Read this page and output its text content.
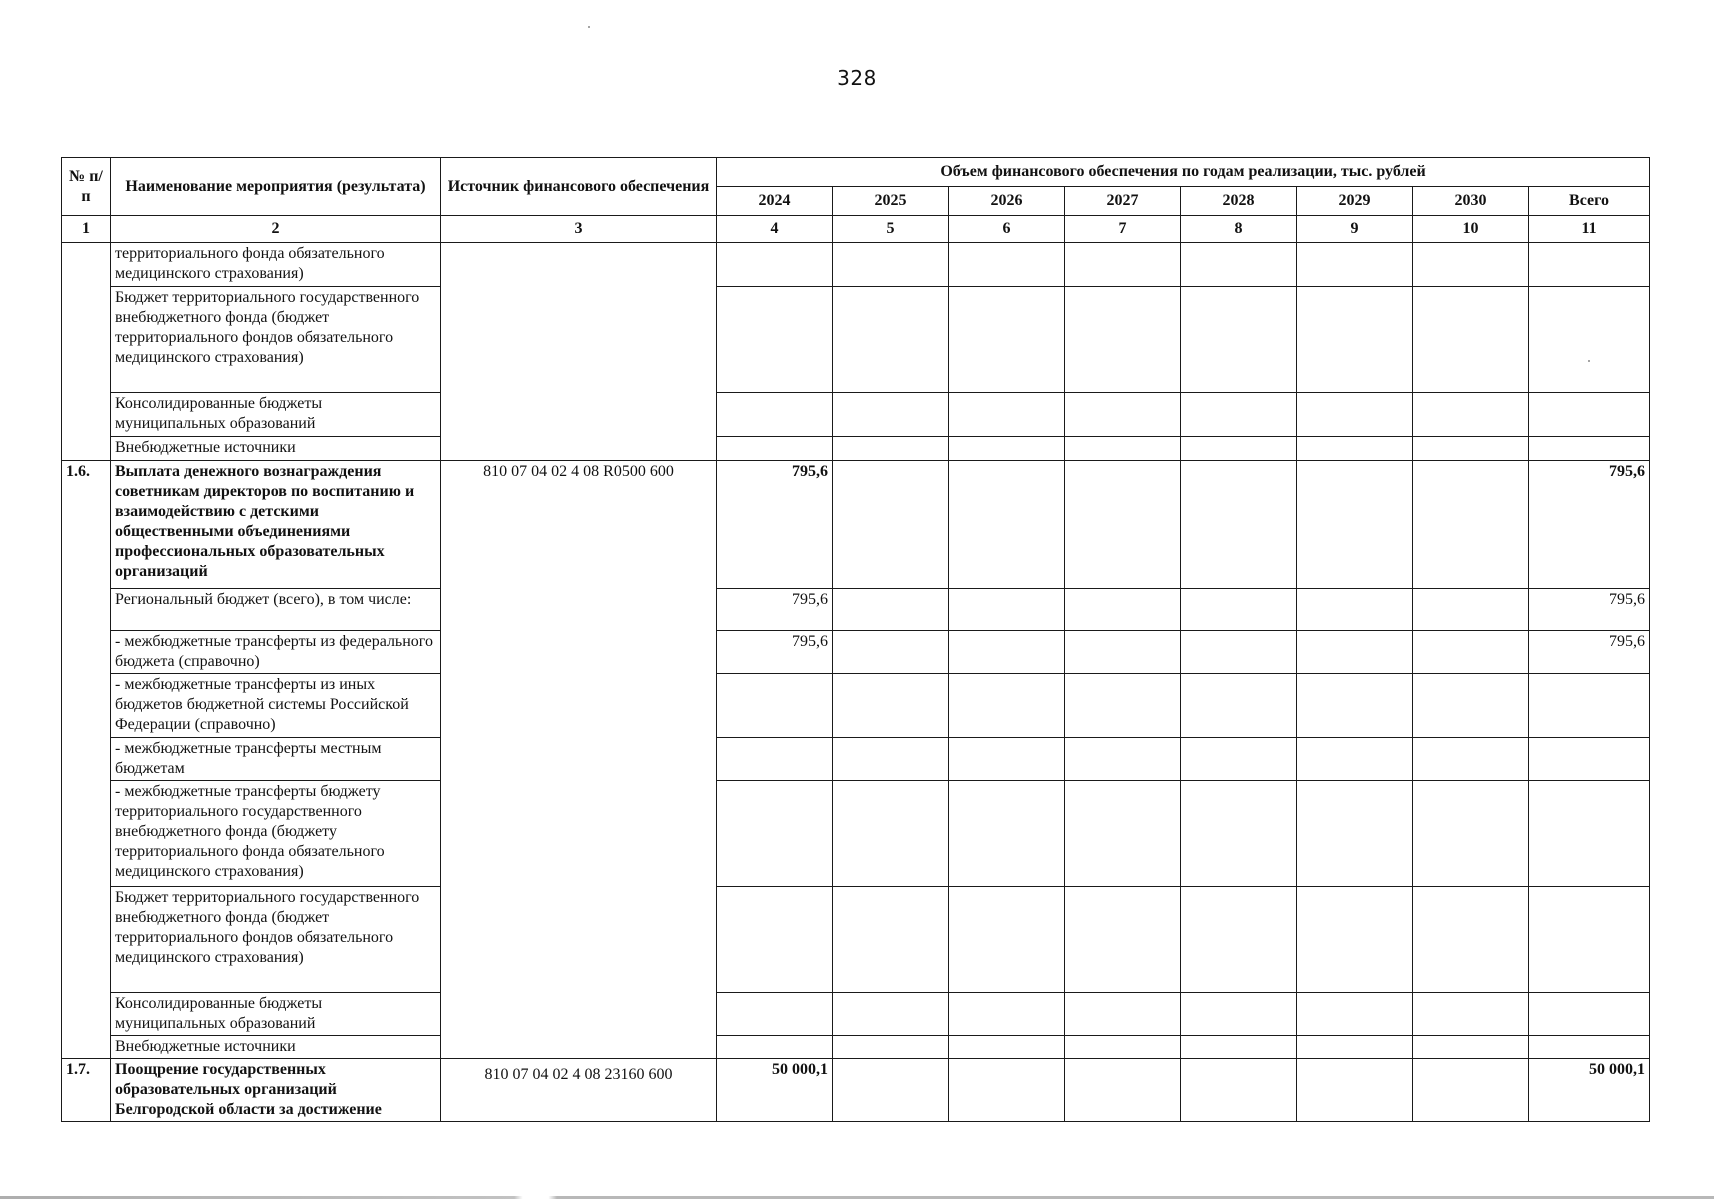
328
№ п/п	Наименование мероприятия (результата)	Источник финансового обеспечения	Объем финансового обеспечения по годам реализации, тыс. рублей							
			2024	2025	2026	2027	2028	2029	2030	Всего
1	2	3	4	5	6	7	8	9	10	11
	территориального фонда обязательного медицинского страхования)									
	Бюджет территориального государственного внебюджетного фонда (бюджет территориального фондов обязательного медицинского страхования)									
	Консолидированные бюджеты муниципальных образований									
	Внебюджетные источники									
1.6.	Выплата денежного вознаграждения советникам директоров по воспитанию и взаимодействию с детскими общественными объединениями профессиональных образовательных организаций	810 07 04 02 4 08 R0500 600	795,6							795,6
	Региональный бюджет (всего), в том числе:		795,6							795,6
	- межбюджетные трансферты из федерального бюджета (справочно)		795,6							795,6
	- межбюджетные трансферты из иных бюджетов бюджетной системы Российской Федерации (справочно)									
	- межбюджетные трансферты местным бюджетам									
	- межбюджетные трансферты бюджету территориального государственного внебюджетного фонда (бюджету территориального фонда обязательного медицинского страхования)									
	Бюджет территориального государственного внебюджетного фонда (бюджет территориального фондов обязательного медицинского страхования)									
	Консолидированные бюджеты муниципальных образований									
	Внебюджетные источники									
1.7.	Поощрение государственных образовательных организаций Белгородской области за достижение	810 07 04 02 4 08 23160 600	50 000,1							50 000,1
